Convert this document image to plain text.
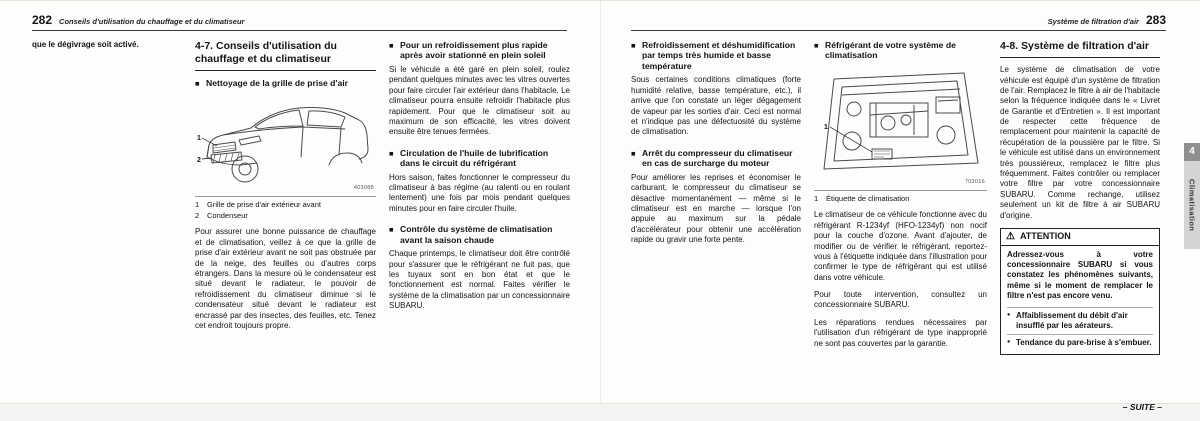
282 Conseils d'utilisation du chauffage et du climatiseur

que le dégivrage soit activé.	4-7. Conseils d'utilisation du chauffage et du climatiseur
■ Nettoyage de la grille de prise d'air
1
2
403088
1 Grille de prise d'air extérieur avant
2 Condenseur

Pour assurer une bonne puissance de chauffage et de climatisation, veillez à ce que la grille de prise d'air extérieur avant ne soit pas obstruée par de la neige, des feuilles ou d'autres corps étrangers. Dans la mesure où le condensateur est situé devant le radiateur, le pouvoir de refroidissement du climatiseur diminue si le condensateur situé devant le radiateur est encrassé par des insectes, des feuilles, etc. Tenez cet endroit toujours propre.

■ Pour un refroidissement plus rapide après avoir stationné en plein soleil

Si le véhicule a été garé en plein soleil, roulez pendant quelques minutes avec les vitres ouvertes pour faire circuler l'air extérieur dans l'habitacle. Le climatiseur pourra ensuite refroidir l'habitacle plus rapidement. Pour que le climatiseur soit au maximum de son efficacité, les vitres doivent ensuite être tenues fermées.

■ Circulation de l'huile de lubrification dans le circuit du réfrigérant

Hors saison, faites fonctionner le compresseur du climatiseur à bas régime (au ralenti ou en roulant lentement) une fois par mois pendant quelques minutes pour en faire circuler l'huile.

■ Contrôle du système de climatisation avant la saison chaude

Chaque printemps, le climatiseur doit être contrôlé pour s'assurer que le réfrigérant ne fuit pas, que les tuyaux sont en bon état et que le fonctionnement est normal. Faites vérifier le système de la climatisation par un concessionnaire SUBARU.

Système de filtration d'air 283
■ Refroidissement et déshumidification par temps très humide et basse température

Sous certaines conditions climatiques (forte humidité relative, basse température, etc.), il arrive que l'on constate un léger dégagement de vapeur par les sorties d'air. Ceci est normal et n'indique pas une défectuosité du système de climatisation.

■ Arrêt du compresseur du climatiseur en cas de surcharge du moteur

Pour améliorer les reprises et économiser le carburant, le compresseur du climatiseur se désactive momentanément — même si le climatiseur est en marche — lorsque l'on appuie au maximum sur la pédale d'accélérateur pour obtenir une accélération rapide ou gravir une forte pente.

■ Réfrigérant de votre système de climatisation
1
703016
1 Étiquette de climatisation

Le climatiseur de ce véhicule fonctionne avec du réfrigérant R-1234yf (HFO-1234yf) non nocif pour la couche d'ozone. Avant d'ajouter, de modifier ou de vérifier le réfrigérant, reportez-vous à l'étiquette indiquée dans l'illustration pour confirmer le type de réfrigérant qui est utilisé dans votre véhicule.

Pour toute intervention, consultez un concessionnaire SUBARU.

Les réparations rendues nécessaires par l'utilisation d'un réfrigérant de type inapproprié ne sont pas couvertes par la garantie.

4-8. Système de filtration d'air

Le système de climatisation de votre véhicule est équipé d'un système de filtration de l'air. Remplacez le filtre à air de l'habitacle selon la fréquence indiquée dans le « Livret de Garantie et d'Entretien ». Il est important de respecter cette fréquence de remplacement pour maintenir la capacité de récupération de la poussière par le filtre. Si le véhicule est utilisé dans un environnement très poussiéreux, remplacez le filtre plus fréquemment. Faites contrôler ou remplacer votre filtre par votre concessionnaire SUBARU. Comme rechange, utilisez seulement un kit de filtre à air SUBARU d'origine.

⚠ ATTENTION

Adressez-vous à votre concessionnaire SUBARU si vous constatez les phénomènes suivants, même si le moment de remplacer le filtre n'est pas encore venu.

● Affaiblissement du débit d'air insufflé par les aérateurs.
● Tendance du pare-brise à s'embuer.
– SUITE –
4
Climatisation
